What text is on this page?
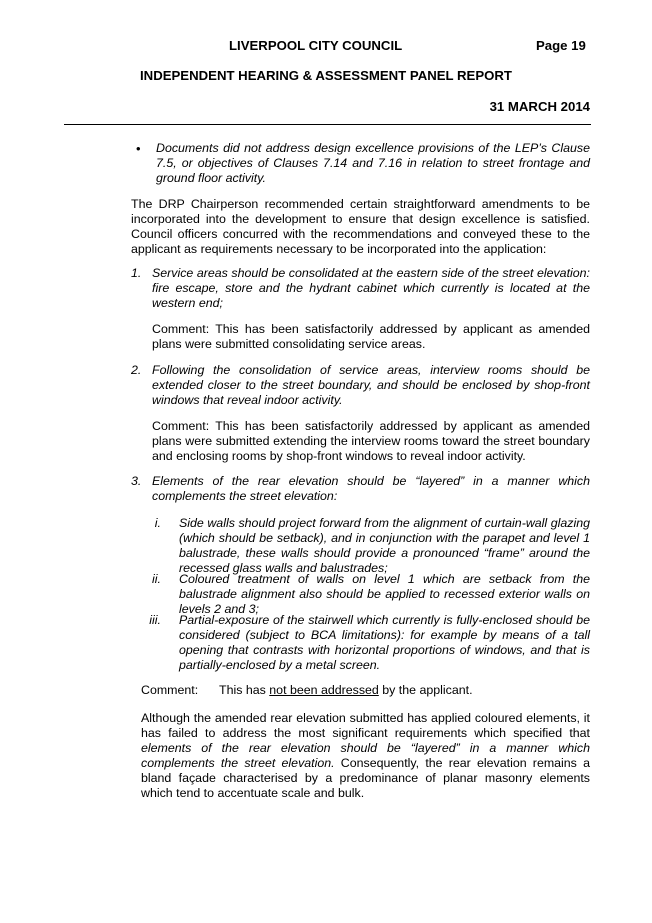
LIVERPOOL CITY COUNCIL	Page 19
INDEPENDENT HEARING & ASSESSMENT PANEL REPORT
31 MARCH 2014
• Documents did not address design excellence provisions of the LEP’s Clause 7.5, or objectives of Clauses 7.14 and 7.16 in relation to street frontage and ground floor activity.

The DRP Chairperson recommended certain straightforward amendments to be incorporated into the development to ensure that design excellence is satisfied. Council officers concurred with the recommendations and conveyed these to the applicant as requirements necessary to be incorporated into the application:

1. Service areas should be consolidated at the eastern side of the street elevation: fire escape, store and the hydrant cabinet which currently is located at the western end;

Comment: This has been satisfactorily addressed by applicant as amended plans were submitted consolidating service areas.

2. Following the consolidation of service areas, interview rooms should be extended closer to the street boundary, and should be enclosed by shop-front windows that reveal indoor activity.

Comment: This has been satisfactorily addressed by applicant as amended plans were submitted extending the interview rooms toward the street boundary and enclosing rooms by shop-front windows to reveal indoor activity.

3. Elements of the rear elevation should be “layered” in a manner which complements the street elevation:

i. Side walls should project forward from the alignment of curtain-wall glazing (which should be setback), and in conjunction with the parapet and level 1 balustrade, these walls should provide a pronounced “frame” around the recessed glass walls and balustrades;

ii. Coloured treatment of walls on level 1 which are setback from the balustrade alignment also should be applied to recessed exterior walls on levels 2 and 3;

iii. Partial-exposure of the stairwell which currently is fully-enclosed should be considered (subject to BCA limitations): for example by means of a tall opening that contrasts with horizontal proportions of windows, and that is partially-enclosed by a metal screen.

Comment: This has not been addressed by the applicant.

Although the amended rear elevation submitted has applied coloured elements, it has failed to address the most significant requirements which specified that elements of the rear elevation should be “layered” in a manner which complements the street elevation. Consequently, the rear elevation remains a bland façade characterised by a predominance of planar masonry elements which tend to accentuate scale and bulk.
